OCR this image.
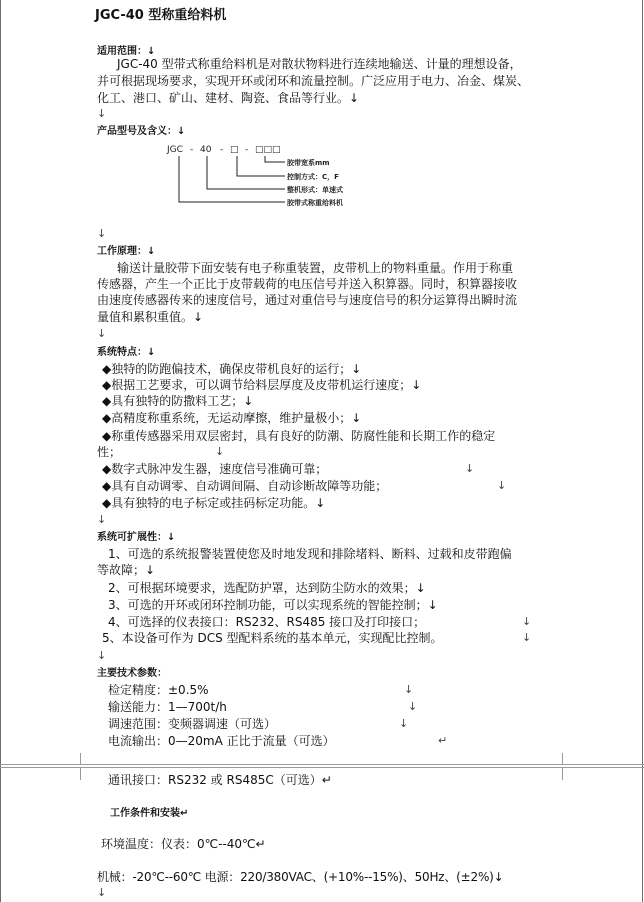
JGC-40 型称重给料机
适用范围：↓
JGC-40 型带式称重给料机是对散状物料进行连续地输送、计量的理想设备，
并可根据现场要求，实现开环或闭环和流量控制。广泛应用于电力、冶金、煤炭、
化工、港口、矿山、建材、陶瓷、食品等行业。↓
↓
产品型号及含义：↓
JGC - 40 - □ - □□□
胶带宽系mm
控制方式：C，F
整机形式：单速式
胶带式称重给料机
↓
工作原理：↓
输送计量胶带下面安装有电子称重装置，皮带机上的物料重量。作用于称重
传感器，产生一个正比于皮带载荷的电压信号并送入积算器。同时，积算器接收
由速度传感器传来的速度信号，通过对重信号与速度信号的积分运算得出瞬时流
量值和累积重值。↓
↓
系统特点：↓
◆独特的防跑偏技术，确保皮带机良好的运行；↓
◆根据工艺要求，可以调节给料层厚度及皮带机运行速度；↓
◆具有独特的防撒料工艺；↓
◆高精度称重系统，无运动摩擦，维护量极小；↓
◆称重传感器采用双层密封，具有良好的防潮、防腐性能和长期工作的稳定
性；	↓
◆数字式脉冲发生器，速度信号准确可靠；	↓
◆具有自动调零、自动调间隔、自动诊断故障等功能；	↓
◆具有独特的电子标定或挂码标定功能。↓
↓
系统可扩展性：↓
1、可选的系统报警装置使您及时地发现和排除堵料、断料、过载和皮带跑偏
等故障；↓
2、可根据环境要求，选配防护罩，达到防尘防水的效果；↓
3、可选的开环或闭环控制功能，可以实现系统的智能控制；↓
4、可选择的仪表接口：RS232、RS485 接口及打印接口；	↓
5、本设备可作为 DCS 型配料系统的基本单元，实现配比控制。	↓
↓
主要技术参数：
检定精度：±0.5%	↓
输送能力：1—700t/h	↓
调速范围：变频器调速（可选）	↓
电流输出：0—20mA 正比于流量（可选）	↵
通讯接口：RS232 或 RS485C（可选）↵
工作条件和安装↵
环境温度：仪表：0℃--40℃↵
机械：-20℃--60℃ 电源：220/380VAC、(+10%--15%)、50Hz、(±2%)↓
↓
